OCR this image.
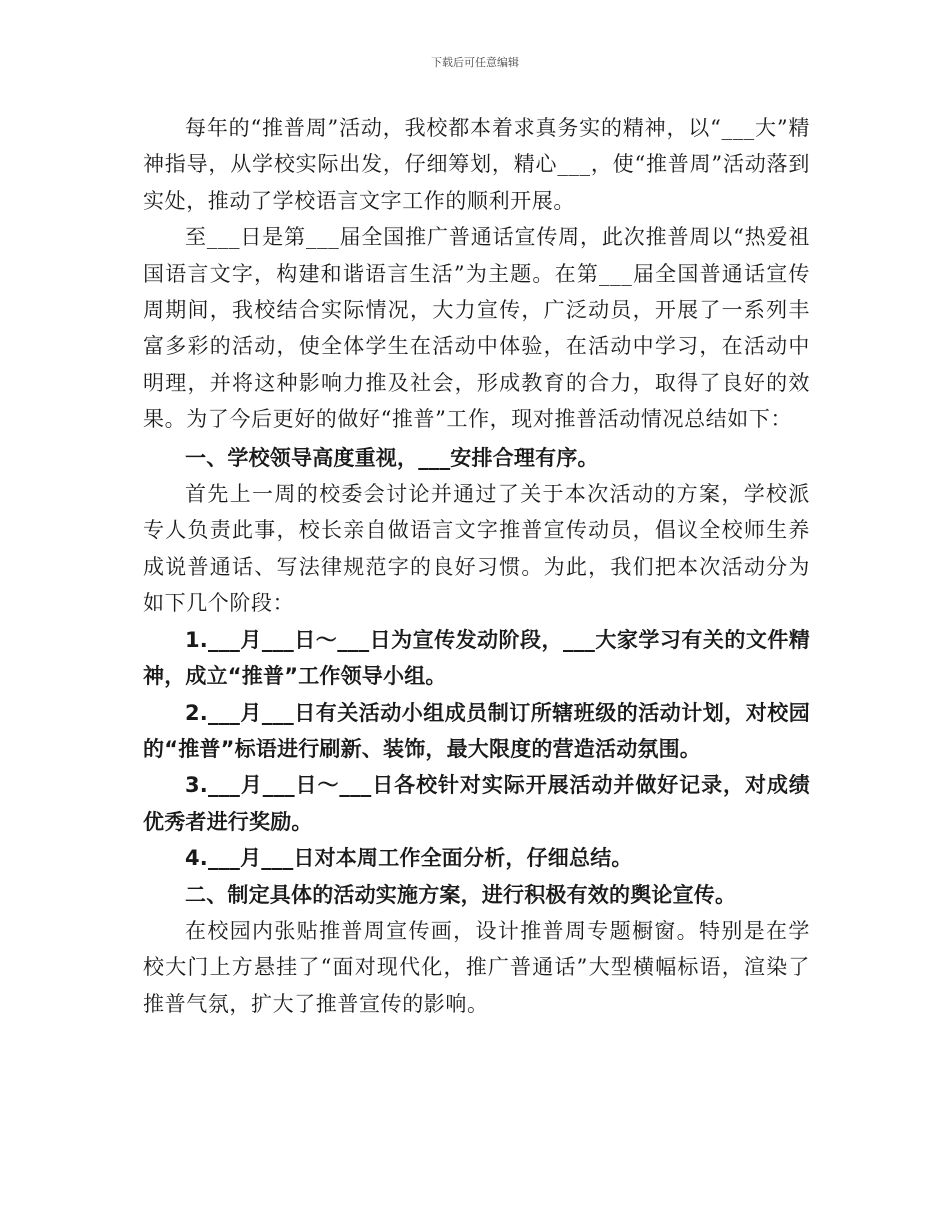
下载后可任意编辑

每年的“推普周”活动，我校都本着求真务实的精神，以“___大”精神指导，从学校实际出发，仔细筹划，精心___，使“推普周”活动落到实处，推动了学校语言文字工作的顺利开展。

至___日是第___届全国推广普通话宣传周，此次推普周以“热爱祖国语言文字，构建和谐语言生活”为主题。在第___届全国普通话宣传周期间，我校结合实际情况，大力宣传，广泛动员，开展了一系列丰富多彩的活动，使全体学生在活动中体验，在活动中学习，在活动中明理，并将这种影响力推及社会，形成教育的合力，取得了良好的效果。为了今后更好的做好“推普”工作，现对推普活动情况总结如下：

一、学校领导高度重视，___安排合理有序。

首先上一周的校委会讨论并通过了关于本次活动的方案，学校派专人负责此事，校长亲自做语言文字推普宣传动员，倡议全校师生养成说普通话、写法律规范字的良好习惯。为此，我们把本次活动分为如下几个阶段：

1.___月___日～___日为宣传发动阶段，___大家学习有关的文件精神，成立“推普”工作领导小组。

2.___月___日有关活动小组成员制订所辖班级的活动计划，对校园的“推普”标语进行刷新、装饰，最大限度的营造活动氛围。

3.___月___日～___日各校针对实际开展活动并做好记录，对成绩优秀者进行奖励。

4.___月___日对本周工作全面分析，仔细总结。

二、制定具体的活动实施方案，进行积极有效的舆论宣传。

在校园内张贴推普周宣传画，设计推普周专题橱窗。特别是在学校大门上方悬挂了“面对现代化，推广普通话”大型横幅标语，渲染了推普气氛，扩大了推普宣传的影响。
